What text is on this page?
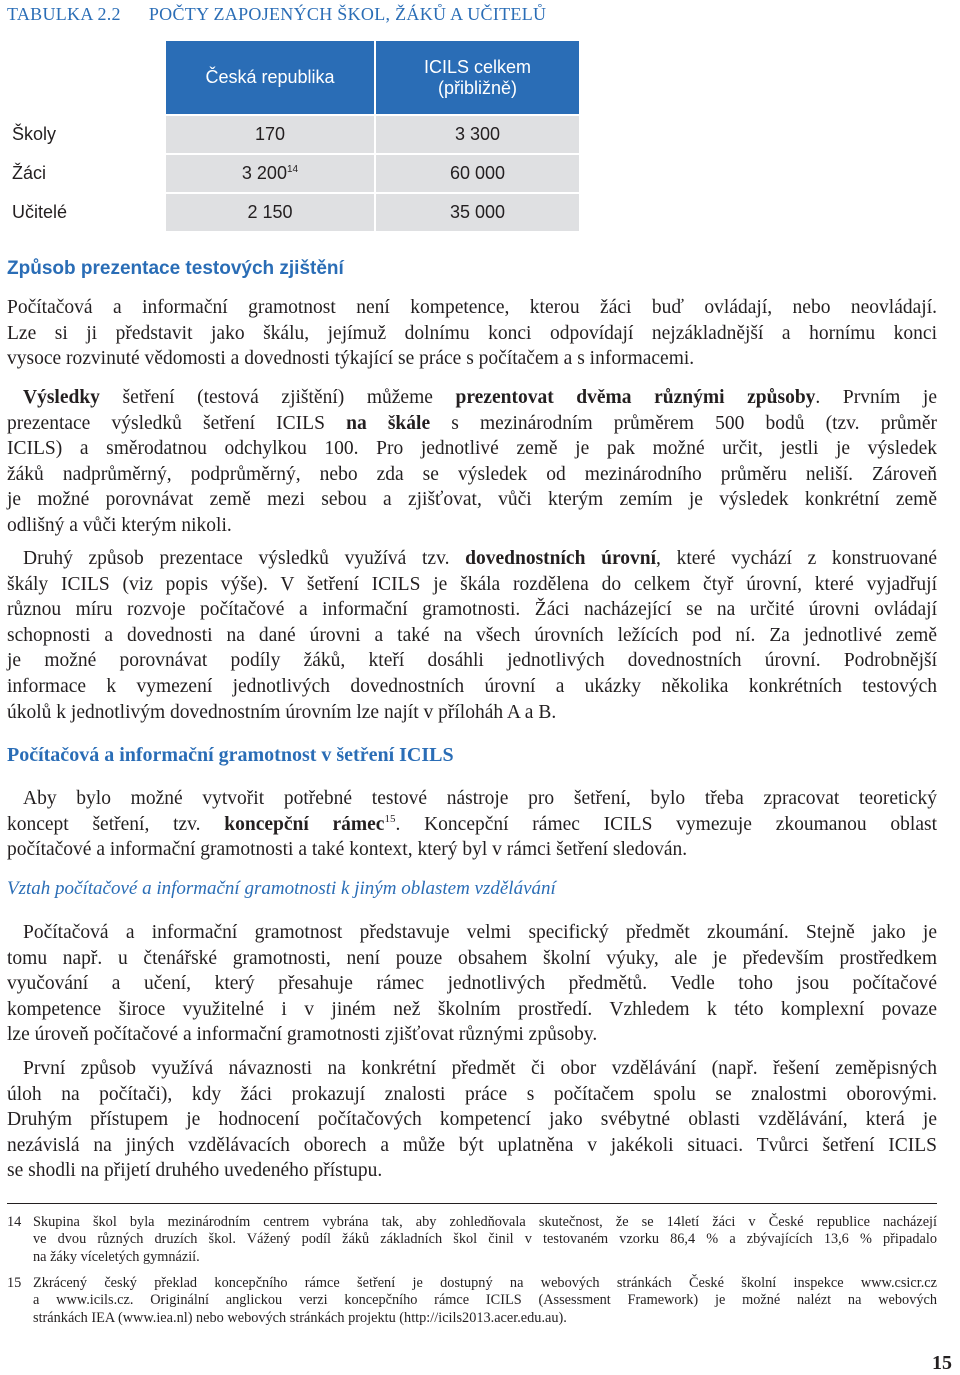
TABULKA 2.2 POČTY ZAPOJENÝCH ŠKOL, ŽÁKŮ A UČITELŮ
	Česká republika	ICILS celkem
(přibližně)
Školy	170	3 300
Žáci	3 $200^{14}$	60 000
Učitelé	2 150	35 000
Způsob prezentace testových zjištění
Počítačová a informační gramotnost není kompetence, kterou žáci buď ovládají, nebo neovládají.
Lze si ji představit jako škálu, jejímuž dolnímu konci odpovídají nejzákladnější a hornímu konci
vysoce rozvinuté vědomosti a dovednosti týkající se práce s počítačem a s informacemi.
Výsledky šetření (testová zjištění) můžeme prezentovat dvěma různými způsoby. Prvním je
prezentace výsledků šetření ICILS na škále s mezinárodním průměrem 500 bodů (tzv. průměr
ICILS) a směrodatnou odchylkou 100. Pro jednotlivé země je pak možné určit, jestli je výsledek
žáků nadprůměrný, podprůměrný, nebo zda se výsledek od mezinárodního průměru neliší. Zároveň
je možné porovnávat země mezi sebou a zjišťovat, vůči kterým zemím je výsledek konkrétní země
odlišný a vůči kterým nikoli.
Druhý způsob prezentace výsledků využívá tzv. dovednostních úrovní, které vychází z konstruované
škály ICILS (viz popis výše). V šetření ICILS je škála rozdělena do celkem čtyř úrovní, které vyjadřují
různou míru rozvoje počítačové a informační gramotnosti. Žáci nacházející se na určité úrovni ovládají
schopnosti a dovednosti na dané úrovni a také na všech úrovních ležících pod ní. Za jednotlivé země
je možné porovnávat podíly žáků, kteří dosáhli jednotlivých dovednostních úrovní. Podrobnější
informace k vymezení jednotlivých dovednostních úrovní a ukázky několika konkrétních testových
úkolů k jednotlivým dovednostním úrovním lze najít v příloháh A a B.
Počítačová a informační gramotnost v šetření ICILS
Aby bylo možné vytvořit potřebné testové nástroje pro šetření, bylo třeba zpracovat teoretický
koncept šetření, tzv. koncepční rámec$^{15}$. Koncepční rámec ICILS vymezuje zkoumanou oblast
počítačové a informační gramotnosti a také kontext, který byl v rámci šetření sledován.
Vztah počítačové a informační gramotnosti k jiným oblastem vzdělávání
Počítačová a informační gramotnost představuje velmi specifický předmět zkoumání. Stejně jako je
tomu např. u čtenářské gramotnosti, není pouze obsahem školní výuky, ale je především prostředkem
vyučování a učení, který přesahuje rámec jednotlivých předmětů. Vedle toho jsou počítačové
kompetence široce využitelné i v jiném než školním prostředí. Vzhledem k této komplexní povaze
lze úroveň počítačové a informační gramotnosti zjišťovat různými způsoby.
První způsob využívá návaznosti na konkrétní předmět či obor vzdělávání (např. řešení zeměpisných
úloh na počítači), kdy žáci prokazují znalosti práce s počítačem spolu se znalostmi oborovými.
Druhým přístupem je hodnocení počítačových kompetencí jako svébytné oblasti vzdělávání, která je
nezávislá na jiných vzdělávacích oborech a může být uplatněna v jakékoli situaci. Tvůrci šetření ICILS
se shodli na přijetí druhého uvedeného přístupu.
14 Skupina škol byla mezinárodním centrem vybrána tak, aby zohledňovala skutečnost, že se 14letí žáci v České republice nacházejí
ve dvou různých druzích škol. Vážený podíl žáků základních škol činil v testovaném vzorku 86,4 % a zbývajících 13,6 % připadalo
na žáky víceletých gymnázií.
15 Zkrácený český překlad koncepčního rámce šetření je dostupný na webových stránkách České školní inspekce www.csicr.cz
a www.icils.cz. Originální anglickou verzi koncepčního rámce ICILS (Assessment Framework) je možné nalézt na webových
stránkách IEA (www.iea.nl) nebo webových stránkách projektu (http://icils2013.acer.edu.au).
15
